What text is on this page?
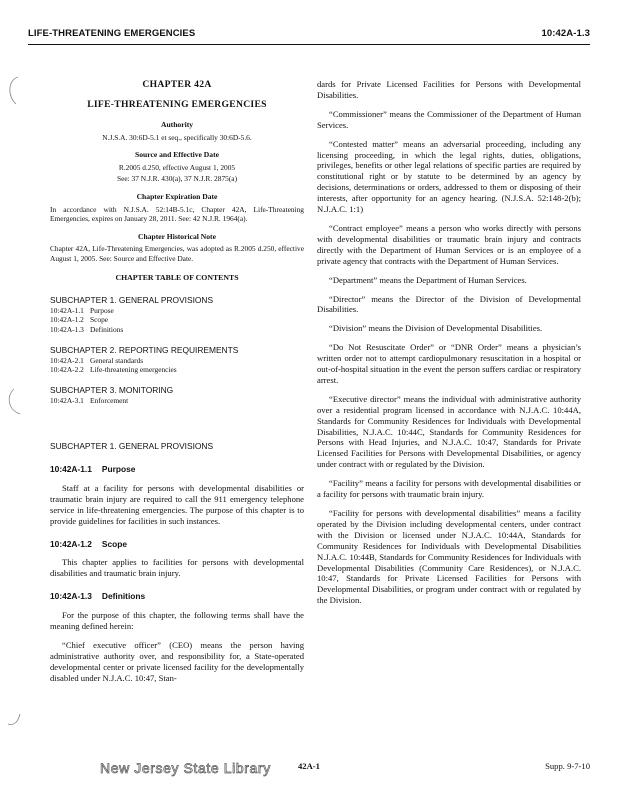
LIFE-THREATENING EMERGENCIES	10:42A-1.3
CHAPTER 42A
LIFE-THREATENING EMERGENCIES
Authority
N.J.S.A. 30:6D-5.1 et seq., specifically 30:6D-5.6.
Source and Effective Date
R.2005 d.250, effective August 1, 2005
See: 37 N.J.R. 430(a), 37 N.J.R. 2875(a)
Chapter Expiration Date
In accordance with N.J.S.A. 52:14B-5.1c, Chapter 42A, Life-Threatening Emergencies, expires on January 28, 2011. See: 42 N.J.R. 1964(a).
Chapter Historical Note
Chapter 42A, Life-Threatening Emergencies, was adopted as R.2005 d.250, effective August 1, 2005. See: Source and Effective Date.
CHAPTER TABLE OF CONTENTS
SUBCHAPTER 1. GENERAL PROVISIONS
10:42A-1.1 Purpose
10:42A-1.2 Scope
10:42A-1.3 Definitions
SUBCHAPTER 2. REPORTING REQUIREMENTS
10:42A-2.1 General standards
10:42A-2.2 Life-threatening emergencies
SUBCHAPTER 3. MONITORING
10:42A-3.1 Enforcement
SUBCHAPTER 1. GENERAL PROVISIONS
10:42A-1.1 Purpose

Staff at a facility for persons with developmental disabilities or traumatic brain injury are required to call the 911 emergency telephone service in life-threatening emergencies. The purpose of this chapter is to provide guidelines for facilities in such instances.

10:42A-1.2 Scope

This chapter applies to facilities for persons with developmental disabilities and traumatic brain injury.

10:42A-1.3 Definitions

For the purpose of this chapter, the following terms shall have the meaning defined herein:

“Chief executive officer” (CEO) means the person having administrative authority over, and responsibility for, a State-operated developmental center or private licensed facility for the developmentally disabled under N.J.A.C. 10:47, Stan-

dards for Private Licensed Facilities for Persons with Developmental Disabilities.

“Commissioner” means the Commissioner of the Department of Human Services.

“Contested matter” means an adversarial proceeding, including any licensing proceeding, in which the legal rights, duties, obligations, privileges, benefits or other legal relations of specific parties are required by constitutional right or by statute to be determined by an agency by decisions, determinations or orders, addressed to them or disposing of their interests, after opportunity for an agency hearing. (N.J.S.A. 52:148-2(b); N.J.A.C. 1:1)

“Contract employee” means a person who works directly with persons with developmental disabilities or traumatic brain injury and contracts directly with the Department of Human Services or is an employee of a private agency that contracts with the Department of Human Services.

“Department” means the Department of Human Services.

“Director” means the Director of the Division of Developmental Disabilities.

“Division” means the Division of Developmental Disabilities.

“Do Not Resuscitate Order” or “DNR Order” means a physician’s written order not to attempt cardiopulmonary resuscitation in a hospital or out-of-hospital situation in the event the person suffers cardiac or respiratory arrest.

“Executive director” means the individual with administrative authority over a residential program licensed in accordance with N.J.A.C. 10:44A, Standards for Community Residences for Individuals with Developmental Disabilities, N.J.A.C. 10:44C, Standards for Community Residences for Persons with Head Injuries, and N.J.A.C. 10:47, Standards for Private Licensed Facilities for Persons with Developmental Disabilities, or agency under contract with or regulated by the Division.

“Facility” means a facility for persons with developmental disabilities or a facility for persons with traumatic brain injury.

“Facility for persons with developmental disabilities” means a facility operated by the Division including developmental centers, under contract with the Division or licensed under N.J.A.C. 10:44A, Standards for Community Residences for Individuals with Developmental Disabilities N.J.A.C. 10:44B, Standards for Community Residences for Individuals with Developmental Disabilities (Community Care Residences), or N.J.A.C. 10:47, Standards for Private Licensed Facilities for Persons with Developmental Disabilities, or program under contract with or regulated by the Division.

New Jersey State Library	42A-1	Supp. 9-7-10
